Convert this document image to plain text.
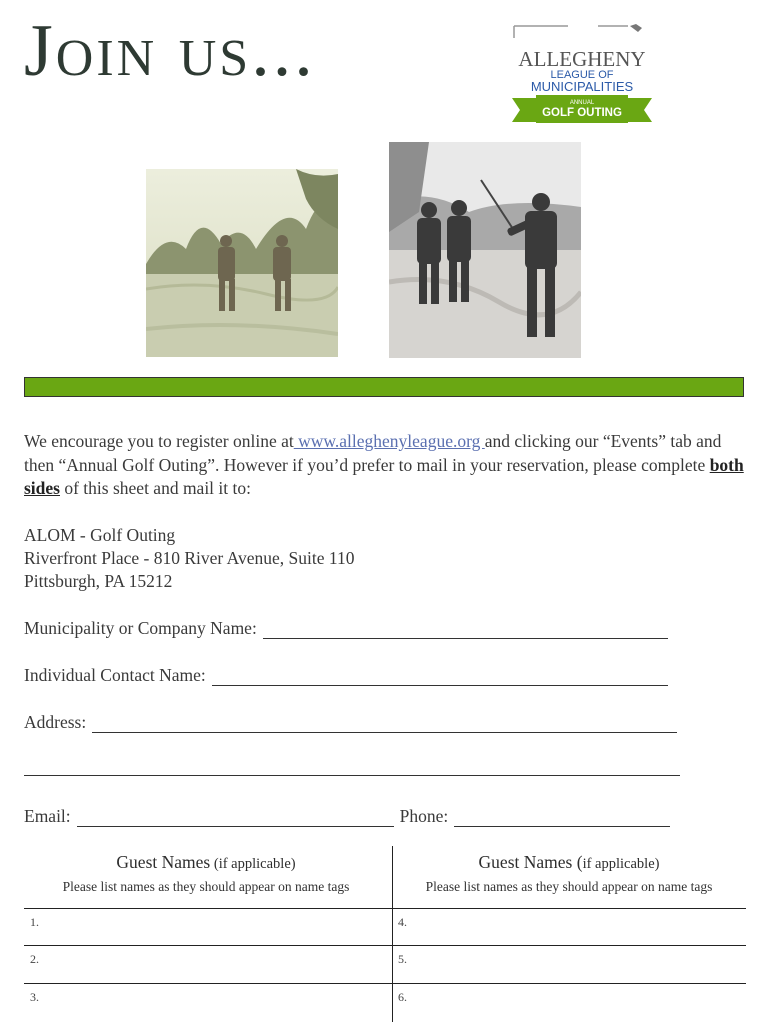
Join us...	ALLEGHENY
LEAGUE OF
MUNICIPALITIES
ANNUAL
GOLF OUTING
We encourage you to register online at www.alleghenyleague.org and clicking our “Events” tab and then “Annual Golf Outing”. However if you’d prefer to mail in your reservation, please complete both sides of this sheet and mail it to:
ALOM - Golf Outing
Riverfront Place - 810 River Avenue, Suite 110
Pittsburgh, PA 15212
Municipality or Company Name:
Individual Contact Name:
Address:
Email:	Phone:
Guest Names (if applicable)
Please list names as they should appear on name tags
Guest Names (if applicable)
Please list names as they should appear on name tags
1.
2.
3.
4.
5.
6.
